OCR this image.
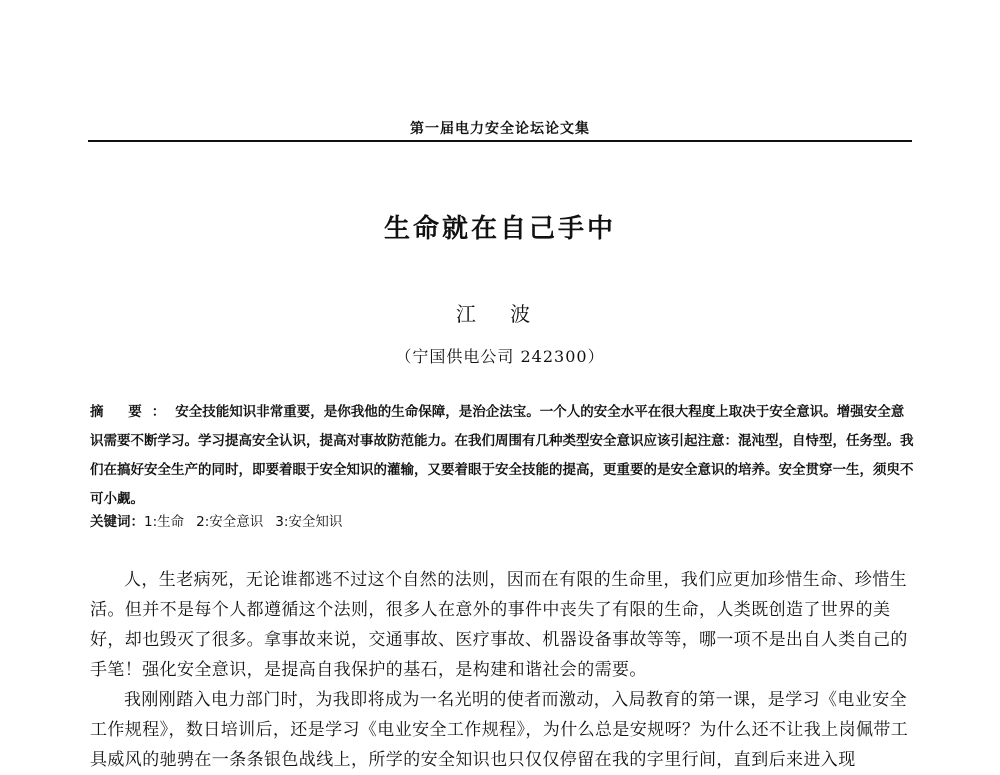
第一届电力安全论坛论文集
生命就在自己手中
江 波
（宁国供电公司 242300）

摘 要：安全技能知识非常重要，是你我他的生命保障，是治企法宝。一个人的安全水平在很大程度上取决于安全意识。增强安全意识需要不断学习。学习提高安全认识，提高对事故防范能力。在我们周围有几种类型安全意识应该引起注意：混沌型，自恃型，任务型。我们在搞好安全生产的同时，即要着眼于安全知识的灌输，又要着眼于安全技能的提高，更重要的是安全意识的培养。安全贯穿一生，须臾不可小觑。

关键词：1:生命 2:安全意识 3:安全知识

人，生老病死，无论谁都逃不过这个自然的法则，因而在有限的生命里，我们应更加珍惜生命、珍惜生活。但并不是每个人都遵循这个法则，很多人在意外的事件中丧失了有限的生命，人类既创造了世界的美好，却也毁灭了很多。拿事故来说，交通事故、医疗事故、机器设备事故等等，哪一项不是出自人类自己的手笔！强化安全意识，是提高自我保护的基石，是构建和谐社会的需要。

我刚刚踏入电力部门时，为我即将成为一名光明的使者而激动，入局教育的第一课，是学习《电业安全工作规程》，数日培训后，还是学习《电业安全工作规程》，为什么总是安规呀？为什么还不让我上岗佩带工具威风的驰骋在一条条银色战线上，所学的安全知识也只仅仅停留在我的字里行间，直到后来进入现
